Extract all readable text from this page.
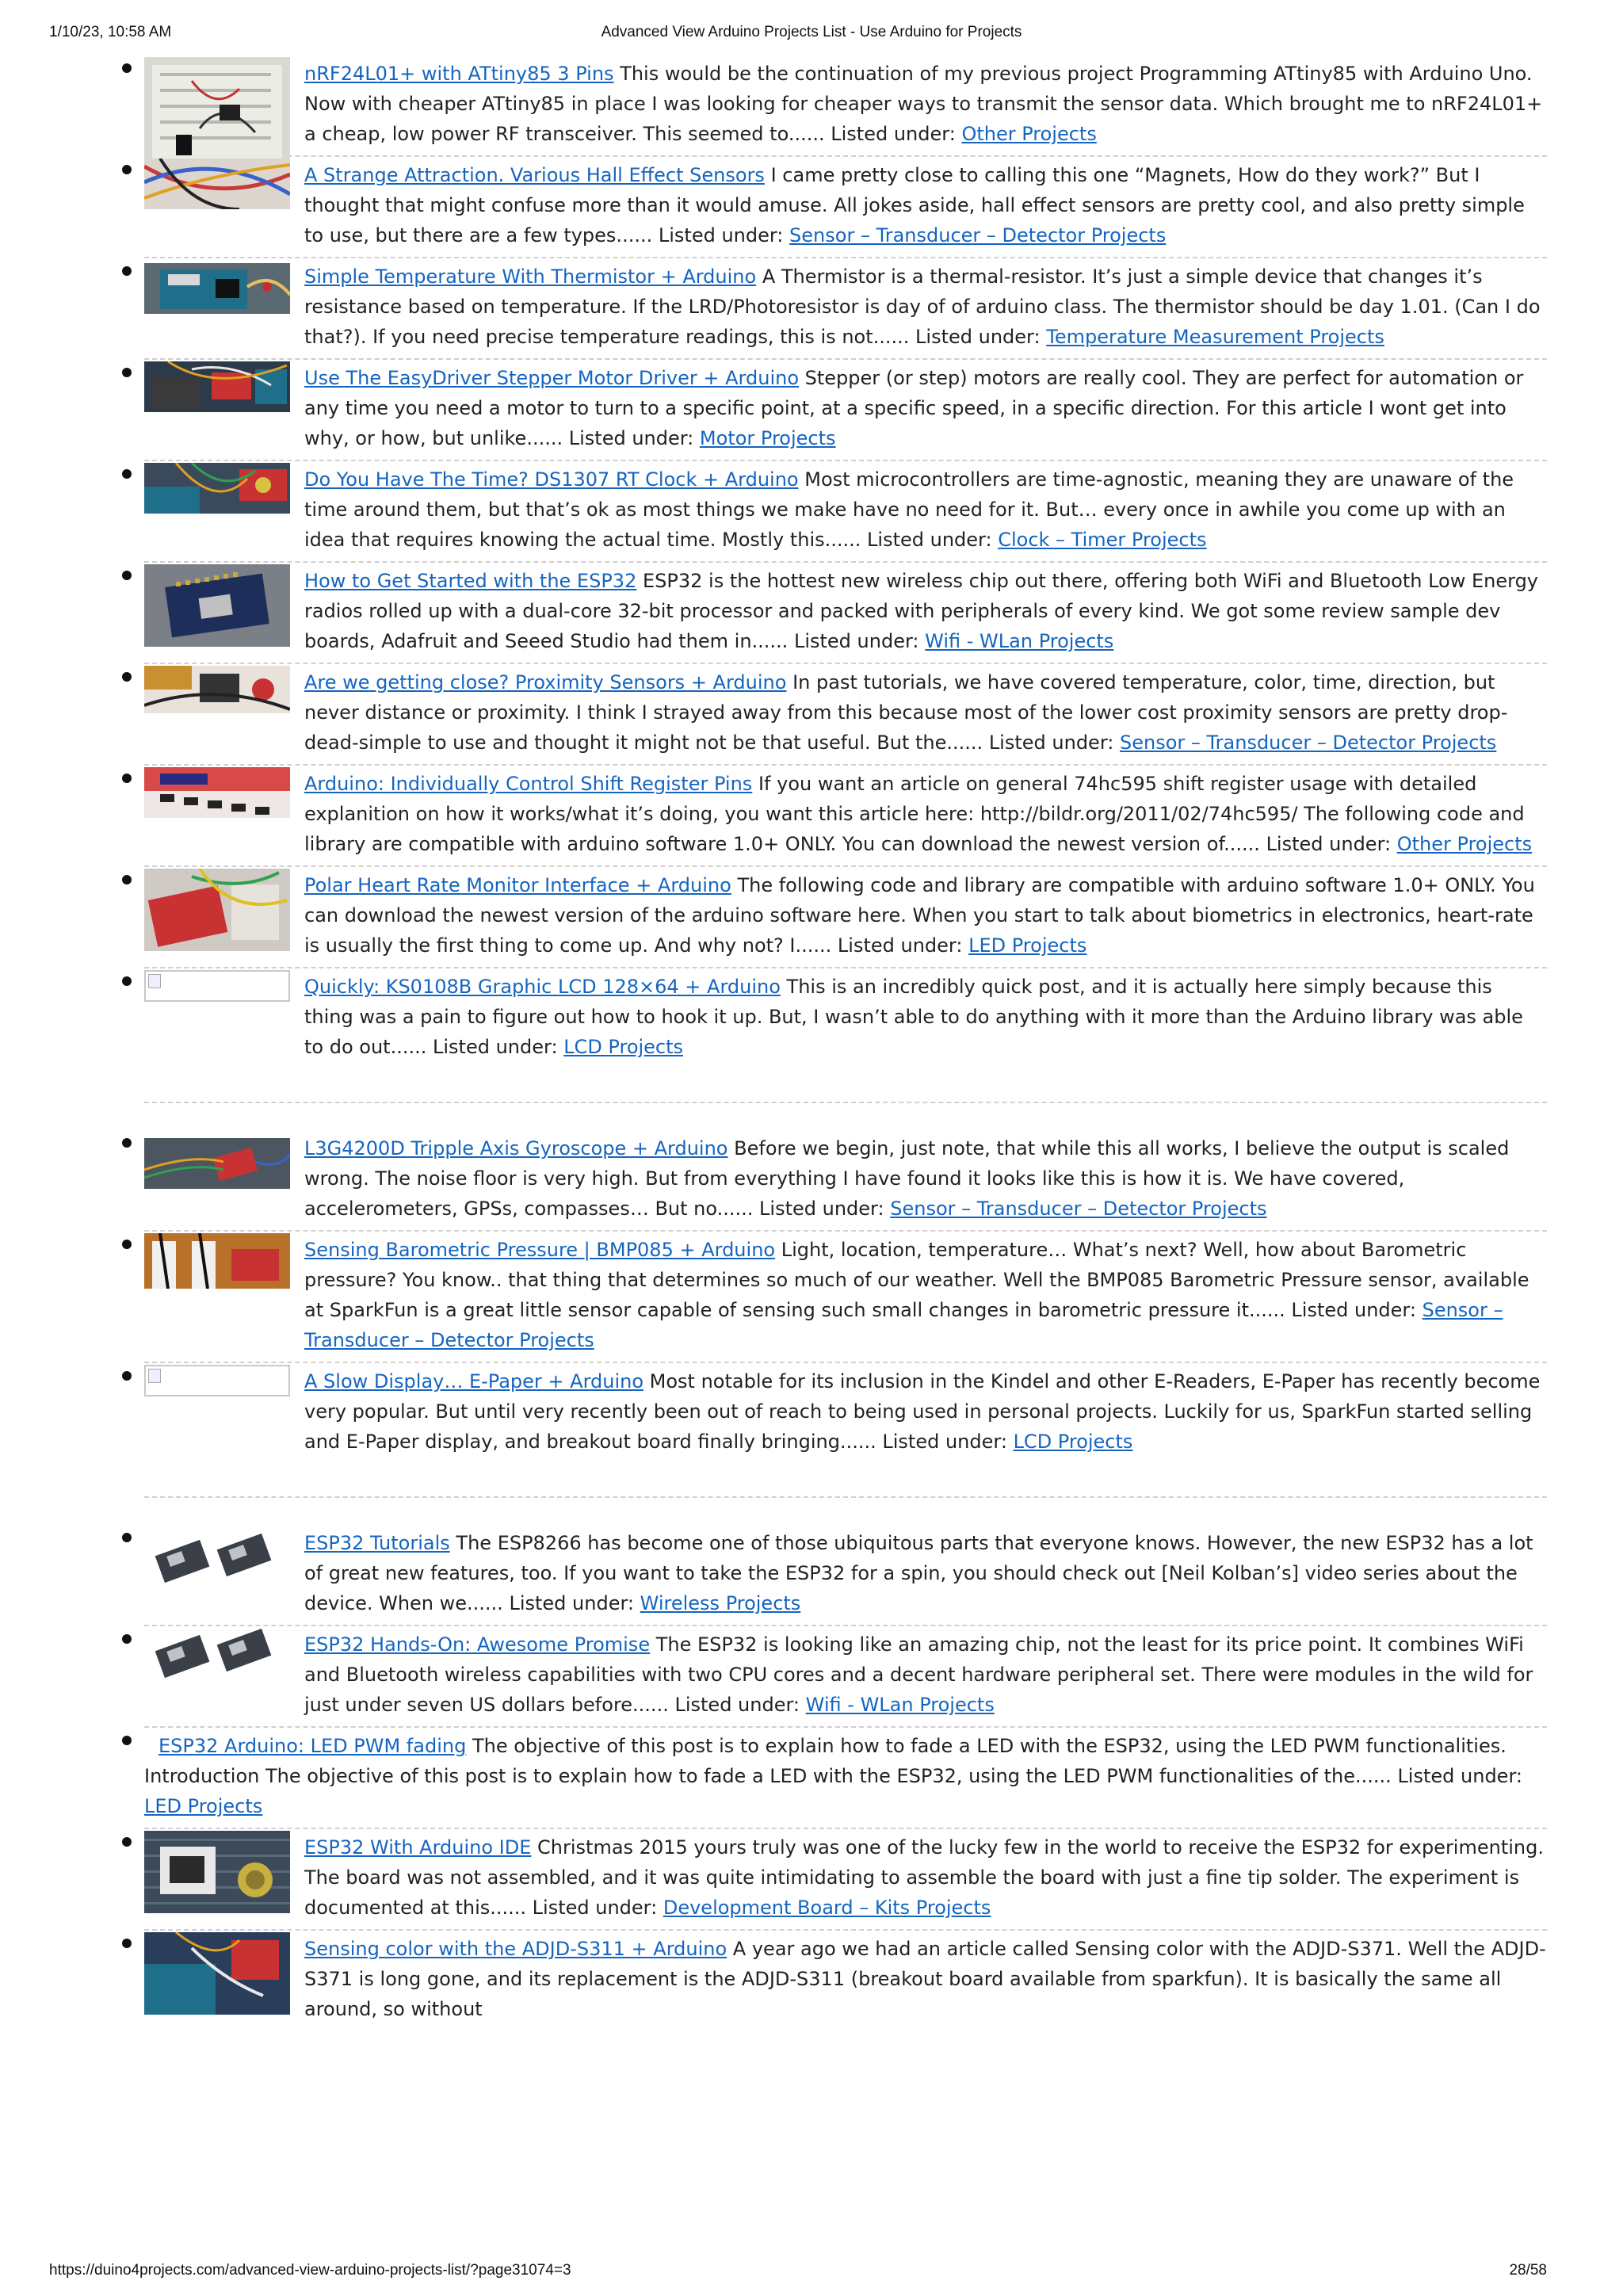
1/10/23, 10:58 AM	Advanced View Arduino Projects List - Use Arduino for Projects
nRF24L01+ with ATtiny85 3 Pins This would be the continuation of my previous project Programming ATtiny85 with Arduino Uno. Now with cheaper ATtiny85 in place I was looking for cheaper ways to transmit the sensor data. Which brought me to nRF24L01+ a cheap, low power RF transceiver. This seemed to...... Listed under: Other Projects
A Strange Attraction. Various Hall Effect Sensors I came pretty close to calling this one “Magnets, How do they work?” But I thought that might confuse more than it would amuse. All jokes aside, hall effect sensors are pretty cool, and also pretty simple to use, but there are a few types...... Listed under: Sensor – Transducer – Detector Projects
Simple Temperature With Thermistor + Arduino A Thermistor is a thermal-resistor. It’s just a simple device that changes it’s resistance based on temperature. If the LRD/Photoresistor is day of of arduino class. The thermistor should be day 1.01. (Can I do that?). If you need precise temperature readings, this is not...... Listed under: Temperature Measurement Projects
Use The EasyDriver Stepper Motor Driver + Arduino Stepper (or step) motors are really cool. They are perfect for automation or any time you need a motor to turn to a specific point, at a specific speed, in a specific direction. For this article I wont get into why, or how, but unlike...... Listed under: Motor Projects
Do You Have The Time? DS1307 RT Clock + Arduino Most microcontrollers are time-agnostic, meaning they are unaware of the time around them, but that’s ok as most things we make have no need for it. But… every once in awhile you come up with an idea that requires knowing the actual time. Mostly this...... Listed under: Clock – Timer Projects
How to Get Started with the ESP32 ESP32 is the hottest new wireless chip out there, offering both WiFi and Bluetooth Low Energy radios rolled up with a dual-core 32-bit processor and packed with peripherals of every kind. We got some review sample dev boards, Adafruit and Seeed Studio had them in...... Listed under: Wifi - WLan Projects
Are we getting close? Proximity Sensors + Arduino In past tutorials, we have covered temperature, color, time, direction, but never distance or proximity. I think I strayed away from this because most of the lower cost proximity sensors are pretty drop-dead-simple to use and thought it might not be that useful. But the...... Listed under: Sensor – Transducer – Detector Projects
Arduino: Individually Control Shift Register Pins If you want an article on general 74hc595 shift register usage with detailed explanition on how it works/what it’s doing, you want this article here: http://bildr.org/2011/02/74hc595/ The following code and library are compatible with arduino software 1.0+ ONLY. You can download the newest version of...... Listed under: Other Projects
Polar Heart Rate Monitor Interface + Arduino The following code and library are compatible with arduino software 1.0+ ONLY. You can download the newest version of the arduino software here. When you start to talk about biometrics in electronics, heart-rate is usually the first thing to come up. And why not? I...... Listed under: LED Projects
Quickly: KS0108B Graphic LCD 128×64 + Arduino This is an incredibly quick post, and it is actually here simply because this thing was a pain to figure out how to hook it up. But, I wasn’t able to do anything with it more than the Arduino library was able to do out...... Listed under: LCD Projects
L3G4200D Tripple Axis Gyroscope + Arduino Before we begin, just note, that while this all works, I believe the output is scaled wrong. The noise floor is very high. But from everything I have found it looks like this is how it is. We have covered, accelerometers, GPSs, compasses… But no...... Listed under: Sensor – Transducer – Detector Projects
Sensing Barometric Pressure | BMP085 + Arduino Light, location, temperature… What’s next? Well, how about Barometric pressure? You know.. that thing that determines so much of our weather. Well the BMP085 Barometric Pressure sensor, available at SparkFun is a great little sensor capable of sensing such small changes in barometric pressure it...... Listed under: Sensor – Transducer – Detector Projects
A Slow Display… E-Paper + Arduino Most notable for its inclusion in the Kindel and other E-Readers, E-Paper has recently become very popular. But until very recently been out of reach to being used in personal projects. Luckily for us, SparkFun started selling and E-Paper display, and breakout board finally bringing...... Listed under: LCD Projects
ESP32 Tutorials The ESP8266 has become one of those ubiquitous parts that everyone knows. However, the new ESP32 has a lot of great new features, too. If you want to take the ESP32 for a spin, you should check out [Neil Kolban’s] video series about the device. When we...... Listed under: Wireless Projects
ESP32 Hands-On: Awesome Promise The ESP32 is looking like an amazing chip, not the least for its price point. It combines WiFi and Bluetooth wireless capabilities with two CPU cores and a decent hardware peripheral set. There were modules in the wild for just under seven US dollars before...... Listed under: Wifi - WLan Projects
ESP32 Arduino: LED PWM fading The objective of this post is to explain how to fade a LED with the ESP32, using the LED PWM functionalities. Introduction The objective of this post is to explain how to fade a LED with the ESP32, using the LED PWM functionalities of the...... Listed under: LED Projects
ESP32 With Arduino IDE Christmas 2015 yours truly was one of the lucky few in the world to receive the ESP32 for experimenting. The board was not assembled, and it was quite intimidating to assemble the board with just a fine tip solder. The experiment is documented at this...... Listed under: Development Board – Kits Projects
Sensing color with the ADJD-S311 + Arduino A year ago we had an article called Sensing color with the ADJD-S371. Well the ADJD-S371 is long gone, and its replacement is the ADJD-S311 (breakout board available from sparkfun). It is basically the same all around, so without
https://duino4projects.com/advanced-view-arduino-projects-list/?page31074=3	28/58
